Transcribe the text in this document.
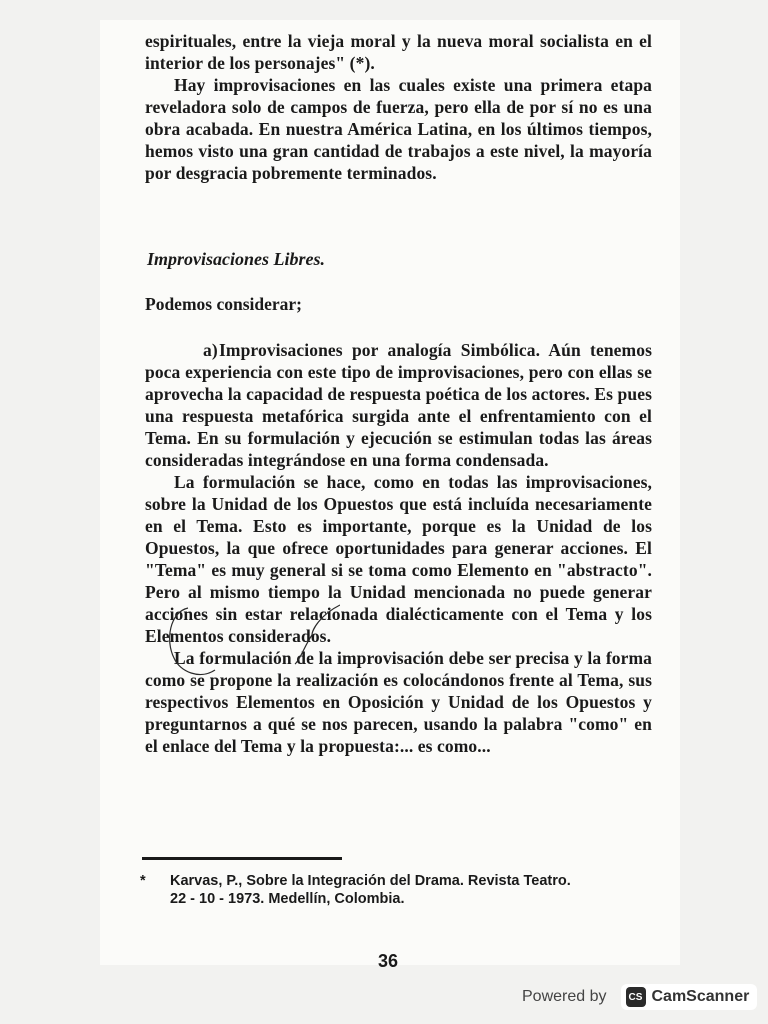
espirituales, entre la vieja moral y la nueva moral socialista en el interior de los personajes" (*).

Hay improvisaciones en las cuales existe una primera etapa reveladora solo de campos de fuerza, pero ella de por sí no es una obra acabada. En nuestra América Latina, en los últimos tiempos, hemos visto una gran cantidad de trabajos a este nivel, la mayoría por desgracia pobremente terminados.

Improvisaciones Libres.
Podemos considerar;

a)Improvisaciones por analogía Simbólica. Aún tenemos poca experiencia con este tipo de improvisaciones, pero con ellas se aprovecha la capacidad de respuesta poética de los actores. Es pues una respuesta metafórica surgida ante el enfrentamiento con el Tema. En su formulación y ejecución se estimulan todas las áreas consideradas integrándose en una forma condensada.

La formulación se hace, como en todas las improvisaciones, sobre la Unidad de los Opuestos que está incluída necesariamente en el Tema. Esto es importante, porque es la Unidad de los Opuestos, la que ofrece oportunidades para generar acciones. El "Tema" es muy general si se toma como Elemento en "abstracto". Pero al mismo tiempo la Unidad mencionada no puede generar acciones sin estar relacionada dialécticamente con el Tema y los Elementos considerados.

La formulación de la improvisación debe ser precisa y la forma como se propone la realización es colocándonos frente al Tema, sus respectivos Elementos en Oposición y Unidad de los Opuestos y preguntarnos a qué se nos parecen, usando la palabra "como" en el enlace del Tema y la propuesta:... es como...

* Karvas, P., Sobre la Integración del Drama. Revista Teatro.
22 - 10 - 1973. Medellín, Colombia.
36
Powered by	CS CamScanner
